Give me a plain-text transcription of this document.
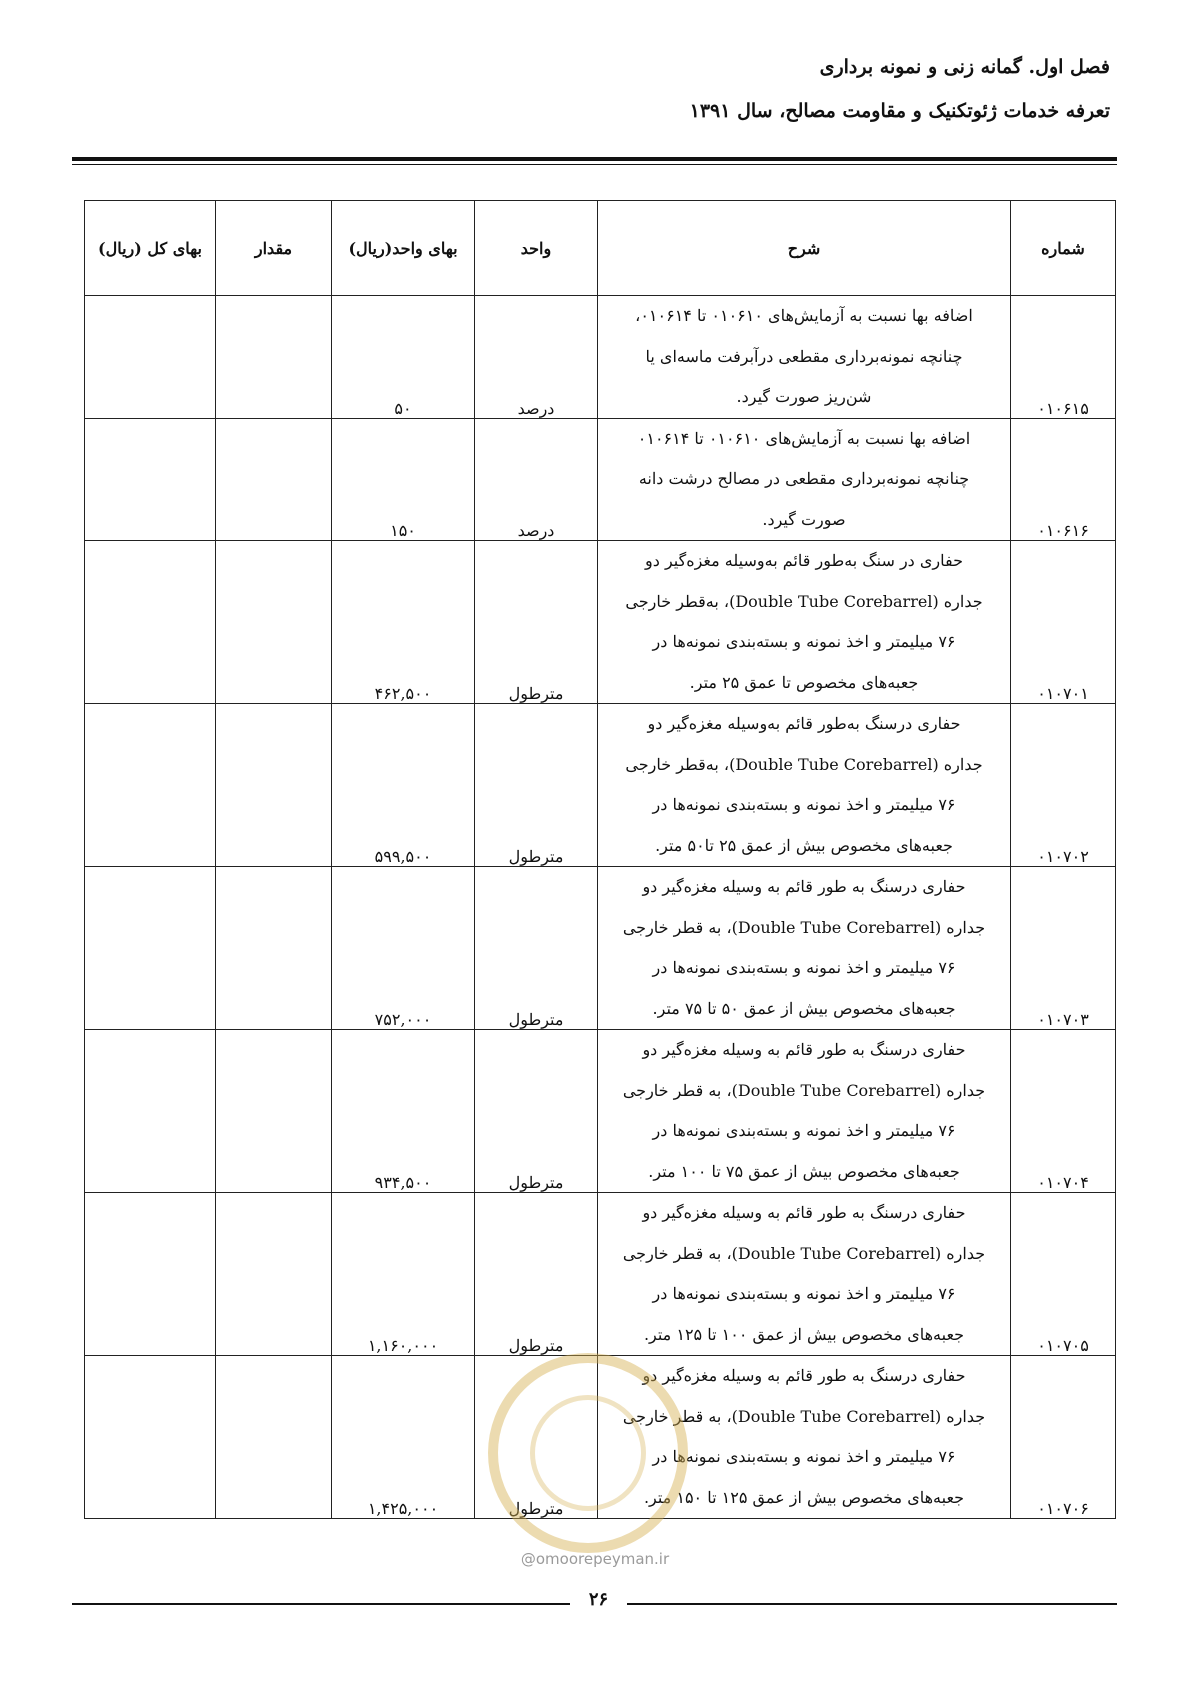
فصل اول. گمانه زنی و نمونه برداری
تعرفه خدمات ژئوتکنیک و مقاومت مصالح، سال ۱۳۹۱
شماره	شرح	واحد	بهای واحد(ریال)	مقدار	بهای کل (ریال)
۰۱۰۶۱۵	اضافه بها نسبت به آزمایش‌های ۰۱۰۶۱۰ تا ۰۱۰۶۱۴،
چنانچه نمونه‌برداری مقطعی درآبرفت ماسه‌ای یا
شن‌ریز صورت گیرد.	درصد	۵۰		
۰۱۰۶۱۶	اضافه بها نسبت به آزمایش‌های ۰۱۰۶۱۰ تا ۰۱۰۶۱۴
چنانچه نمونه‌برداری مقطعی در مصالح درشت دانه
صورت گیرد.	درصد	۱۵۰		
۰۱۰۷۰۱	حفاری در سنگ به‌طور قائم به‌وسیله مغزه‌گیر دو
جداره (Double Tube Corebarrel)، به‌قطر خارجی
۷۶ میلیمتر و اخذ نمونه و بسته‌بندی نمونه‌ها در
جعبه‌های مخصوص تا عمق ۲۵ متر.	مترطول	۴۶۲,۵۰۰		
۰۱۰۷۰۲	حفاری درسنگ به‌طور قائم به‌وسیله مغزه‌گیر دو
جداره (Double Tube Corebarrel)، به‌قطر خارجی
۷۶ میلیمتر و اخذ نمونه و بسته‌بندی نمونه‌ها در
جعبه‌های مخصوص بیش از عمق ۲۵ تا۵۰ متر.	مترطول	۵۹۹,۵۰۰		
۰۱۰۷۰۳	حفاری درسنگ به طور قائم به وسیله مغزه‌گیر دو
جداره (Double Tube Corebarrel)، به قطر خارجی
۷۶ میلیمتر و اخذ نمونه و بسته‌بندی نمونه‌ها در
جعبه‌های مخصوص بیش از عمق ۵۰ تا ۷۵ متر.	مترطول	۷۵۲,۰۰۰		
۰۱۰۷۰۴	حفاری درسنگ به طور قائم به وسیله مغزه‌گیر دو
جداره (Double Tube Corebarrel)، به قطر خارجی
۷۶ میلیمتر و اخذ نمونه و بسته‌بندی نمونه‌ها در
جعبه‌های مخصوص بیش از عمق ۷۵ تا ۱۰۰ متر.	مترطول	۹۳۴,۵۰۰		
۰۱۰۷۰۵	حفاری درسنگ به طور قائم به وسیله مغزه‌گیر دو
جداره (Double Tube Corebarrel)، به قطر خارجی
۷۶ میلیمتر و اخذ نمونه و بسته‌بندی نمونه‌ها در
جعبه‌های مخصوص بیش از عمق ۱۰۰ تا ۱۲۵ متر.	مترطول	۱,۱۶۰,۰۰۰		
۰۱۰۷۰۶	حفاری درسنگ به طور قائم به وسیله مغزه‌گیر دو
جداره (Double Tube Corebarrel)، به قطر خارجی
۷۶ میلیمتر و اخذ نمونه و بسته‌بندی نمونه‌ها در
جعبه‌های مخصوص بیش از عمق ۱۲۵ تا ۱۵۰ متر.	مترطول	۱,۴۲۵,۰۰۰		
@omoorepeyman.ir
۲۶
